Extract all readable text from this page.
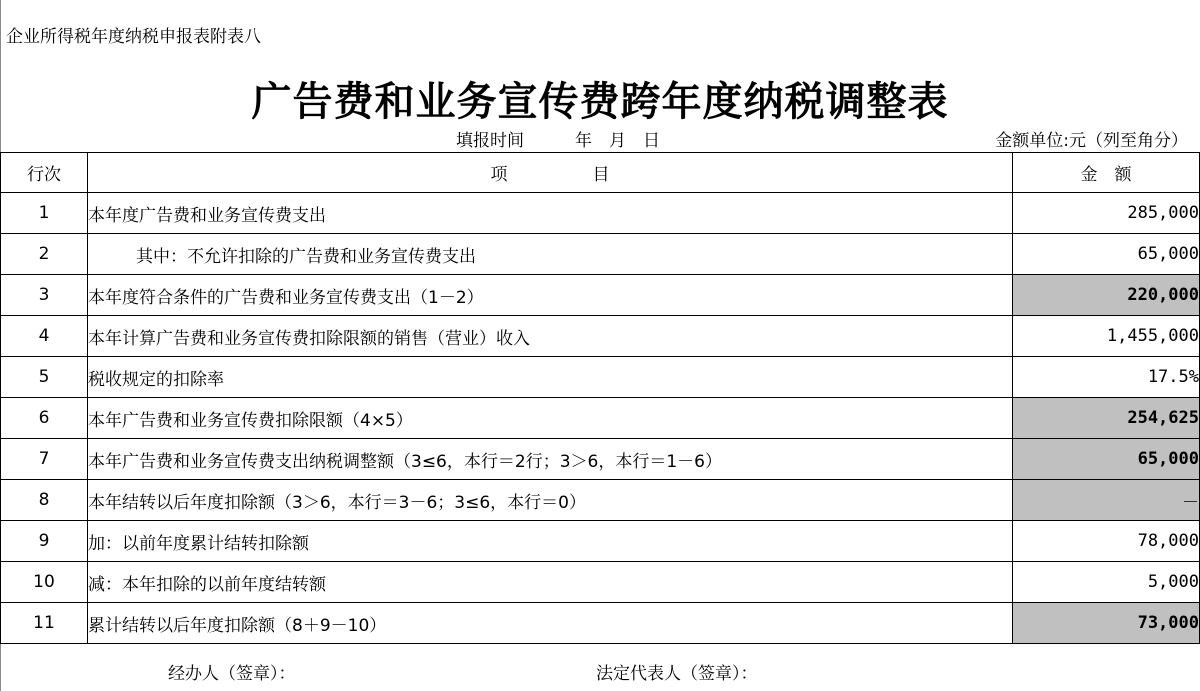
企业所得税年度纳税申报表附表八
广告费和业务宣传费跨年度纳税调整表
填报时间　　　年　月　日	金额单位:元（列至角分）
行次	项　　　　　目	金　额
1	本年度广告费和业务宣传费支出	285,000
2	其中：不允许扣除的广告费和业务宣传费支出	65,000
3	本年度符合条件的广告费和业务宣传费支出（1－2）	220,000
4	本年计算广告费和业务宣传费扣除限额的销售（营业）收入	1,455,000
5	税收规定的扣除率	17.5%
6	本年广告费和业务宣传费扣除限额（4×5）	254,625
7	本年广告费和业务宣传费支出纳税调整额（3≤6，本行＝2行；3＞6，本行＝1－6）	65,000
8	本年结转以后年度扣除额（3＞6，本行＝3－6；3≤6，本行＝0）	－
9	加：以前年度累计结转扣除额	78,000
10	减：本年扣除的以前年度结转额	5,000
11	累计结转以后年度扣除额（8＋9－10）	73,000
经办人（签章）：	法定代表人（签章）：
